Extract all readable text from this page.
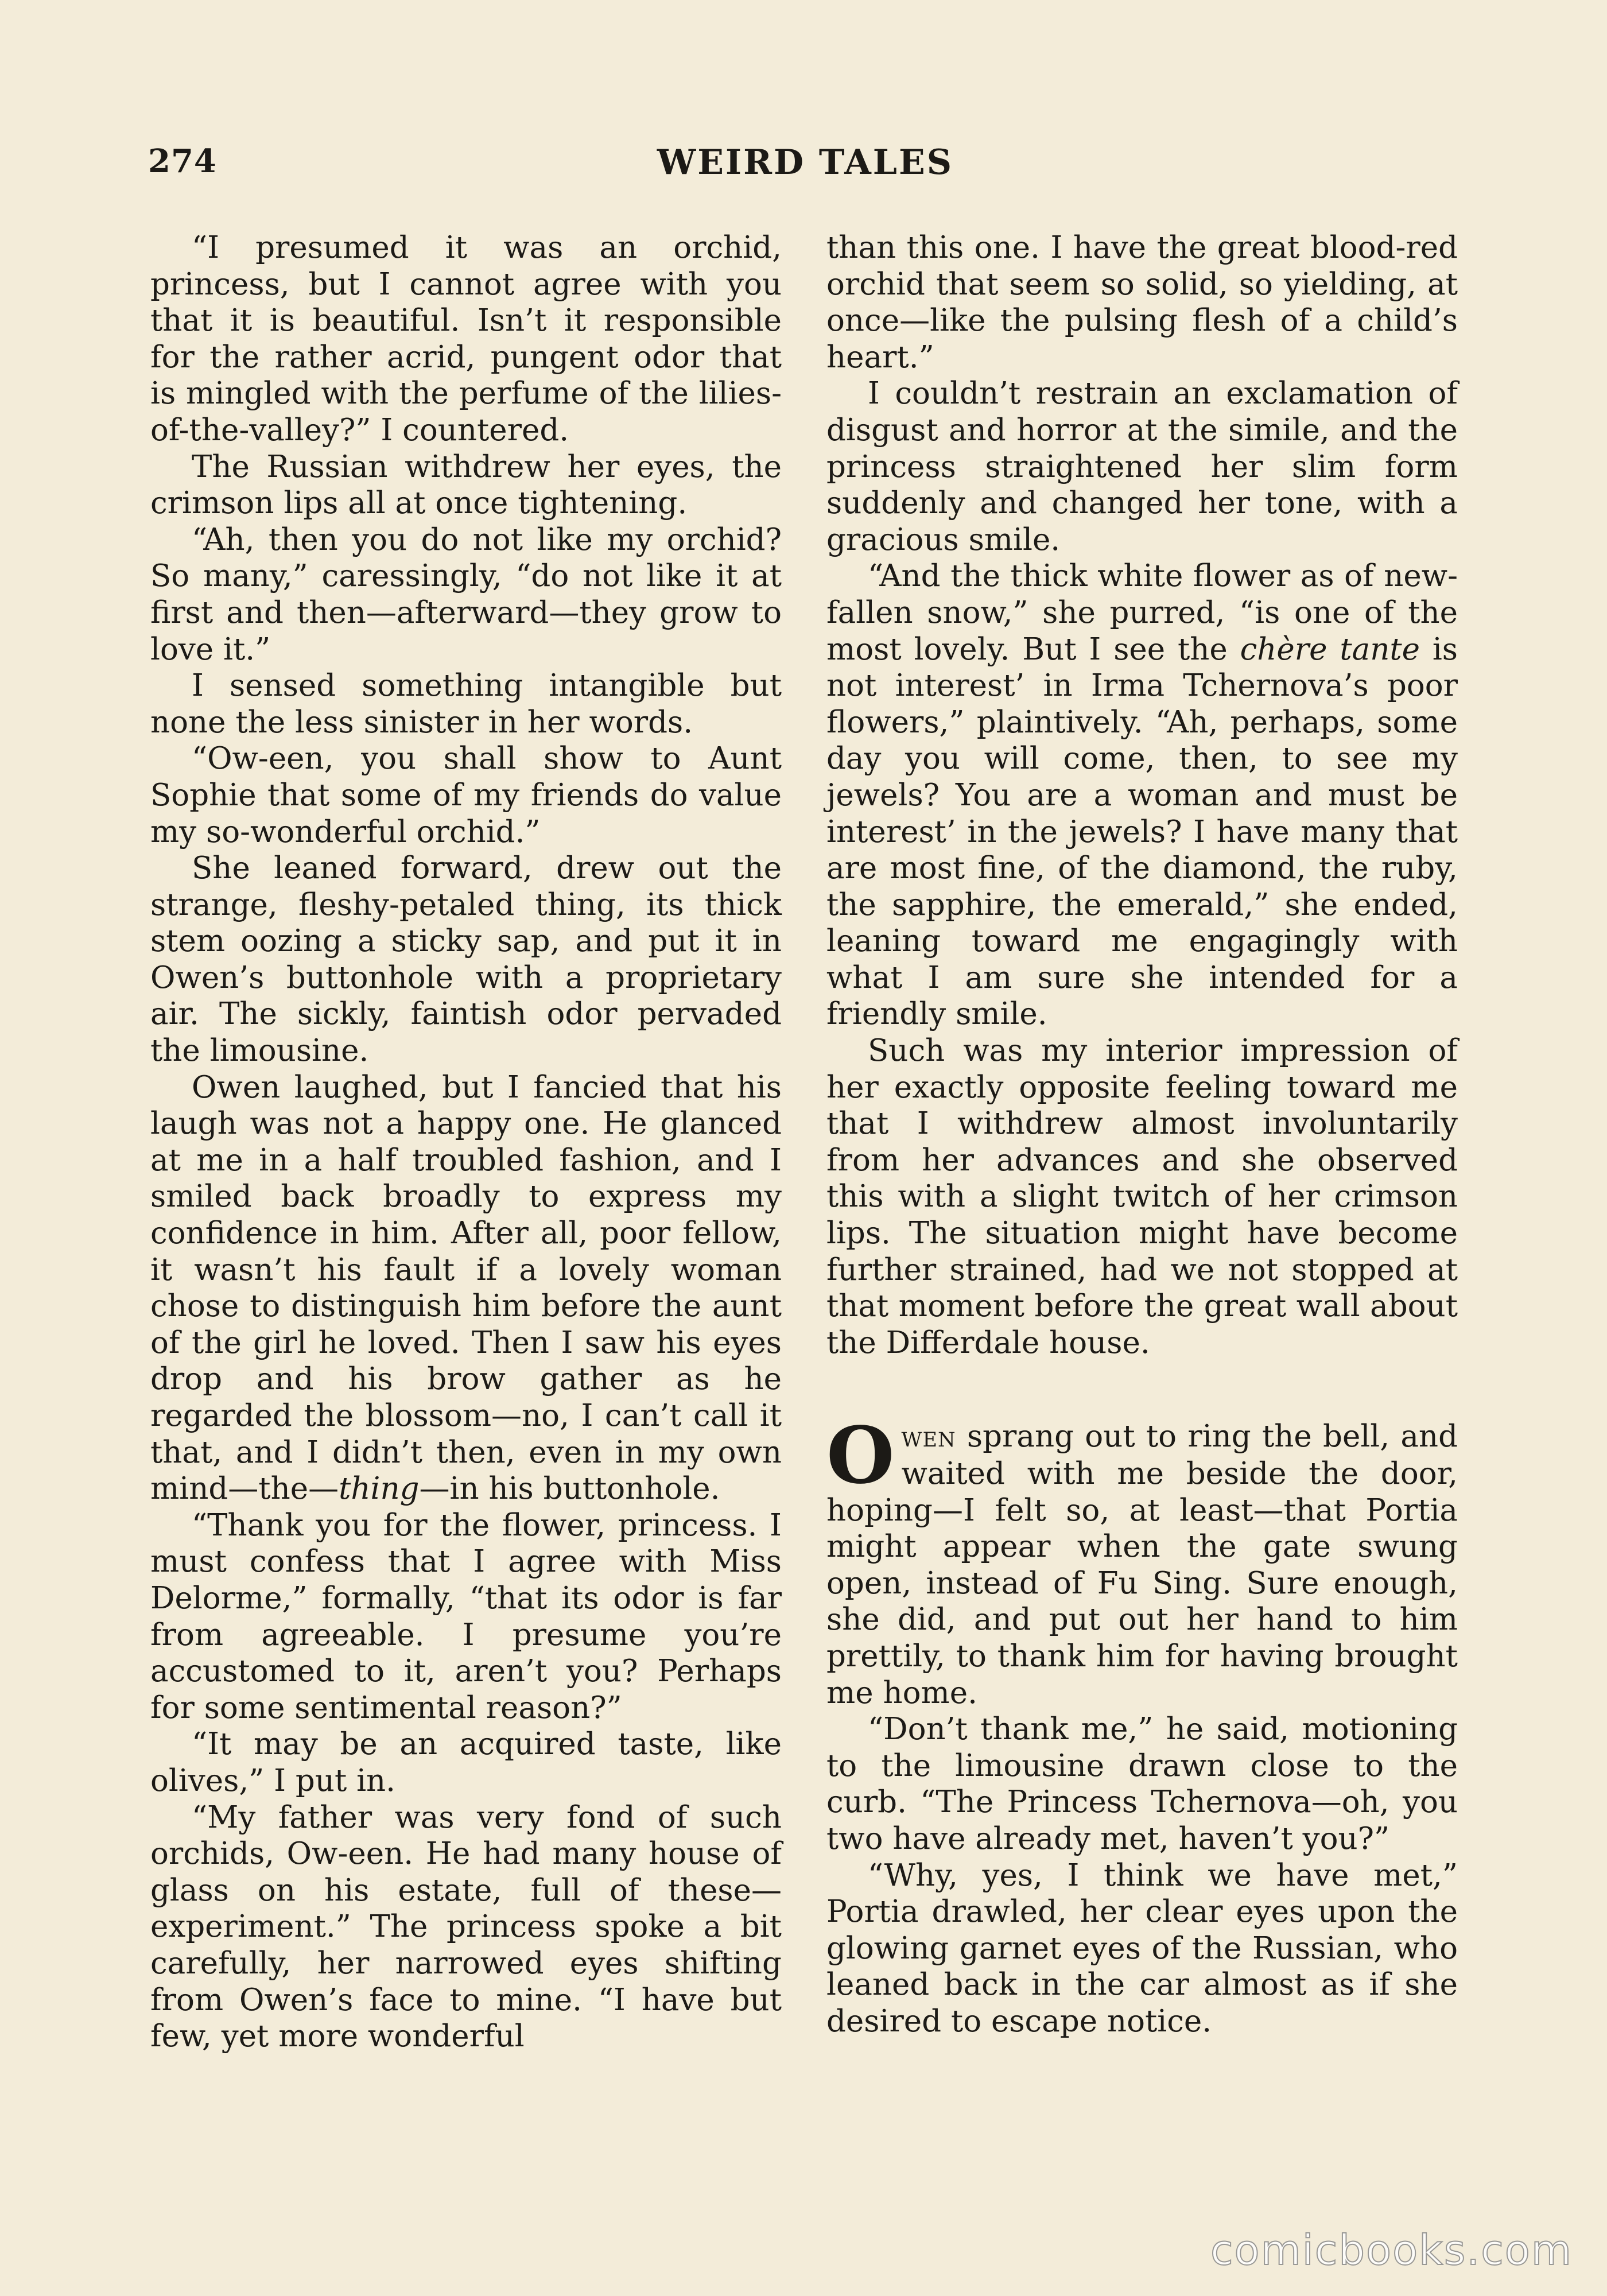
274	WEIRD TALES

“I presumed it was an orchid, princess, but I cannot agree with you that it is beautiful. Isn’t it responsible for the rather acrid, pungent odor that is mingled with the perfume of the lilies-of-the-valley?” I countered.

The Russian withdrew her eyes, the crimson lips all at once tightening.

“Ah, then you do not like my orchid? So many,” caressingly, “do not like it at first and then—afterward—they grow to love it.”

I sensed something intangible but none the less sinister in her words.

“Ow-een, you shall show to Aunt Sophie that some of my friends do value my so-wonderful orchid.”

She leaned forward, drew out the strange, fleshy-petaled thing, its thick stem oozing a sticky sap, and put it in Owen’s buttonhole with a proprietary air. The sickly, faintish odor pervaded the limousine.

Owen laughed, but I fancied that his laugh was not a happy one. He glanced at me in a half troubled fashion, and I smiled back broadly to express my confidence in him. After all, poor fellow, it wasn’t his fault if a lovely woman chose to distinguish him before the aunt of the girl he loved. Then I saw his eyes drop and his brow gather as he regarded the blossom—no, I can’t call it that, and I didn’t then, even in my own mind—the—thing—in his buttonhole.

“Thank you for the flower, princess. I must confess that I agree with Miss Delorme,” formally, “that its odor is far from agreeable. I presume you’re accustomed to it, aren’t you? Perhaps for some sentimental reason?”

“It may be an acquired taste, like olives,” I put in.

“My father was very fond of such orchids, Ow-een. He had many house of glass on his estate, full of these—experiment.” The princess spoke a bit carefully, her narrowed eyes shifting from Owen’s face to mine. “I have but few, yet more wonderful

than this one. I have the great blood-red orchid that seem so solid, so yielding, at once—like the pulsing flesh of a child’s heart.”

I couldn’t restrain an exclamation of disgust and horror at the simile, and the princess straightened her slim form suddenly and changed her tone, with a gracious smile.

“And the thick white flower as of new-fallen snow,” she purred, “is one of the most lovely. But I see the chère tante is not interest’ in Irma Tchernova’s poor flowers,” plaintively. “Ah, perhaps, some day you will come, then, to see my jewels? You are a woman and must be interest’ in the jewels? I have many that are most fine, of the diamond, the ruby, the sapphire, the emerald,” she ended, leaning toward me engagingly with what I am sure she intended for a friendly smile.

Such was my interior impression of her exactly opposite feeling toward me that I withdrew almost involuntarily from her advances and she observed this with a slight twitch of her crimson lips. The situation might have become further strained, had we not stopped at that moment before the great wall about the Differdale house.

Owen sprang out to ring the bell, and waited with me beside the door, hoping—I felt so, at least—that Portia might appear when the gate swung open, instead of Fu Sing. Sure enough, she did, and put out her hand to him prettily, to thank him for having brought me home.

“Don’t thank me,” he said, motioning to the limousine drawn close to the curb. “The Princess Tchernova—oh, you two have already met, haven’t you?”

“Why, yes, I think we have met,” Portia drawled, her clear eyes upon the glowing garnet eyes of the Russian, who leaned back in the car almost as if she desired to escape notice.

comicbooks.com
